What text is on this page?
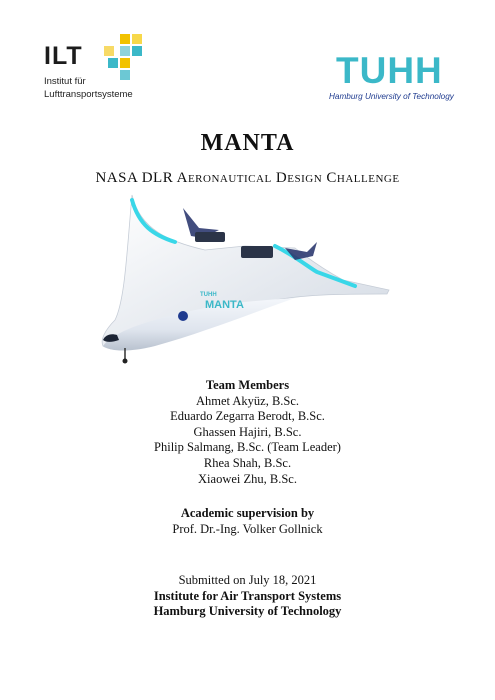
ILT
Institut für
Lufttransportsysteme
TUHH
Hamburg University of Technology
MANTA
NASA DLR Aeronautical Design Challenge
TUHH
MANTA
Team Members
Ahmet Akyüz, B.Sc.
Eduardo Zegarra Berodt, B.Sc.
Ghassen Hajiri, B.Sc.
Philip Salmang, B.Sc. (Team Leader)
Rhea Shah, B.Sc.
Xiaowei Zhu, B.Sc.
Academic supervision by
Prof. Dr.-Ing. Volker Gollnick
Submitted on July 18, 2021
Institute for Air Transport Systems
Hamburg University of Technology
